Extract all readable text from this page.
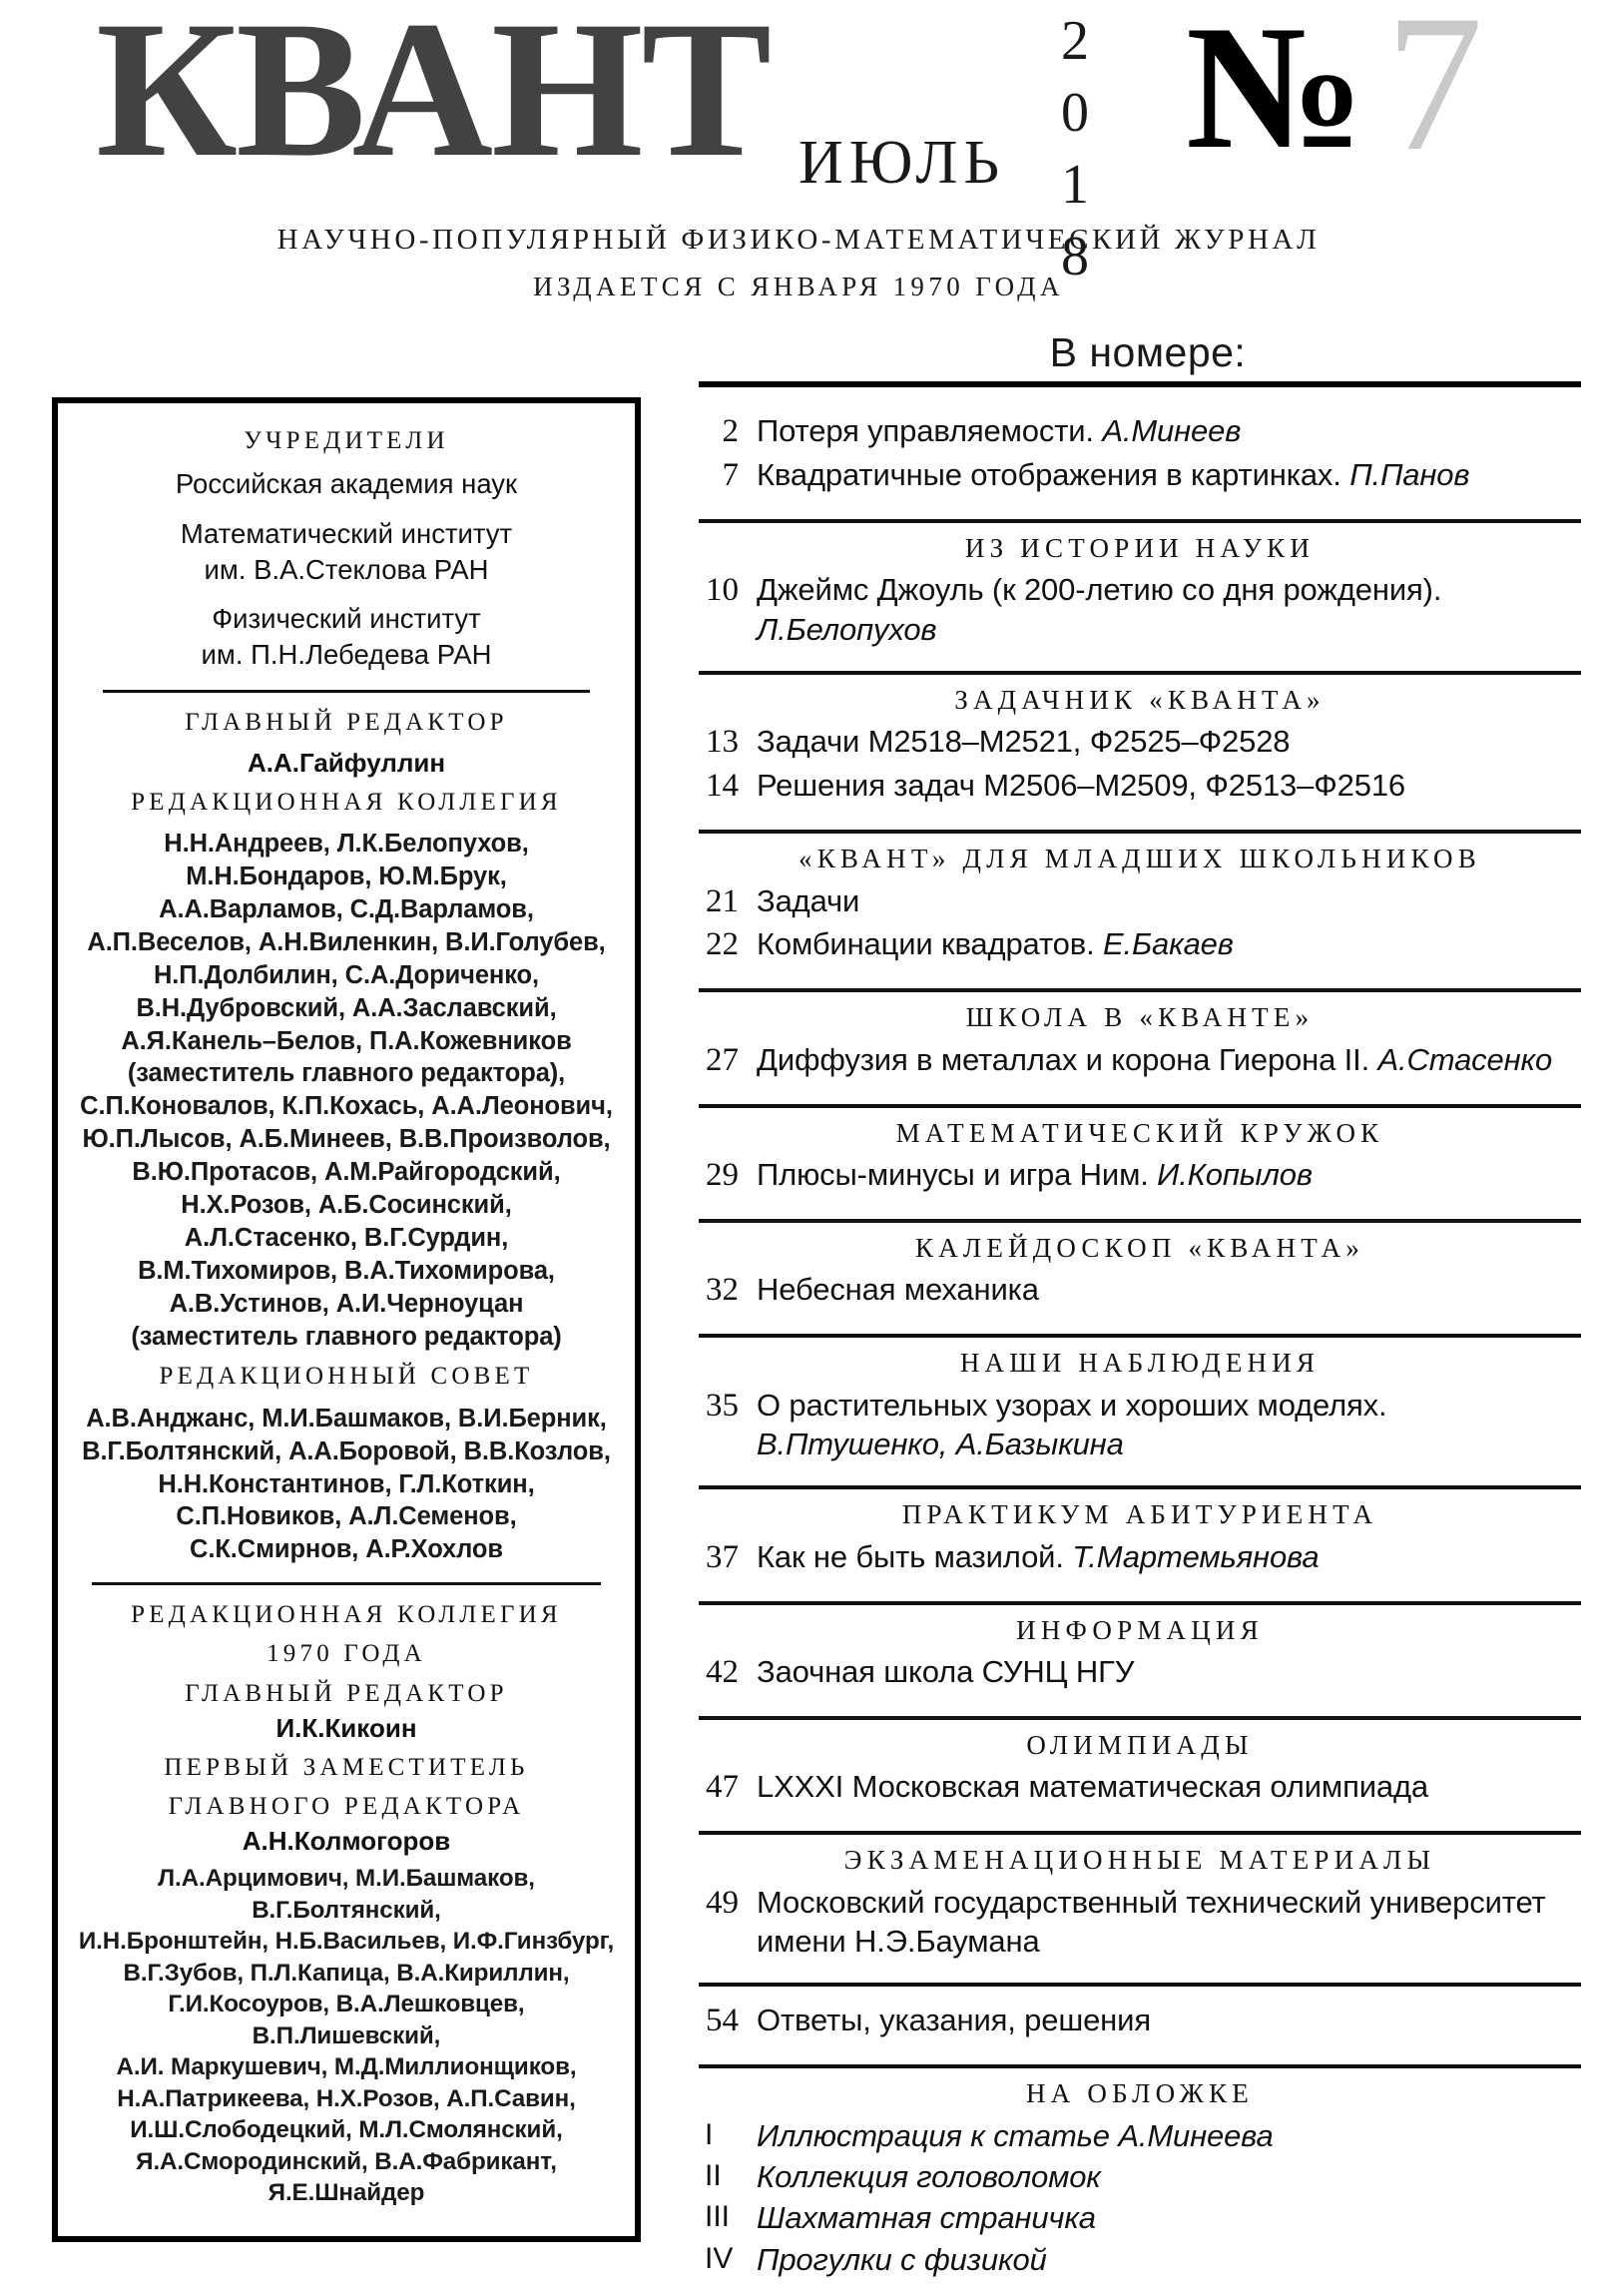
КВАНТ ИЮЛЬ 2018 № 7
НАУЧНО-ПОПУЛЯРНЫЙ ФИЗИКО-МАТЕМАТИЧЕСКИЙ ЖУРНАЛ
ИЗДАЕТСЯ С ЯНВАРЯ 1970 ГОДА
В номере:
УЧРЕДИТЕЛИ
Российская академия наук
Математический институт
им. В.А.Стеклова РАН
Физический институт
им. П.Н.Лебедева РАН
ГЛАВНЫЙ РЕДАКТОР
А.А.Гайфуллин
РЕДАКЦИОННАЯ КОЛЛЕГИЯ
Н.Н.Андреев, Л.К.Белопухов,
М.Н.Бондаров, Ю.М.Брук,
А.А.Варламов, С.Д.Варламов,
А.П.Веселов, А.Н.Виленкин, В.И.Голубев,
Н.П.Долбилин, С.А.Дориченко,
В.Н.Дубровский, А.А.Заславский,
А.Я.Канель–Белов, П.А.Кожевников
(заместитель главного редактора),
С.П.Коновалов, К.П.Кохась, А.А.Леонович,
Ю.П.Лысов, А.Б.Минеев, В.В.Произволов,
В.Ю.Протасов, А.М.Райгородский,
Н.Х.Розов, А.Б.Сосинский,
А.Л.Стасенко, В.Г.Сурдин,
В.М.Тихомиров, В.А.Тихомирова,
А.В.Устинов, А.И.Черноуцан
(заместитель главного редактора)
РЕДАКЦИОННЫЙ СОВЕТ
А.В.Анджанс, М.И.Башмаков, В.И.Берник,
В.Г.Болтянский, А.А.Боровой, В.В.Козлов,
Н.Н.Константинов, Г.Л.Коткин,
С.П.Новиков, А.Л.Семенов,
С.К.Смирнов, А.Р.Хохлов
РЕДАКЦИОННАЯ КОЛЛЕГИЯ
1970 ГОДА
ГЛАВНЫЙ РЕДАКТОР
И.К.Кикоин
ПЕРВЫЙ ЗАМЕСТИТЕЛЬ
ГЛАВНОГО РЕДАКТОРА
А.Н.Колмогоров
Л.А.Арцимович, М.И.Башмаков, В.Г.Болтянский,
И.Н.Бронштейн, Н.Б.Васильев, И.Ф.Гинзбург,
В.Г.Зубов, П.Л.Капица, В.А.Кириллин,
Г.И.Косоуров, В.А.Лешковцев, В.П.Лишевский,
А.И. Маркушевич, М.Д.Миллионщиков,
Н.А.Патрикеева, Н.Х.Розов, А.П.Савин,
И.Ш.Слободецкий, М.Л.Смолянский,
Я.А.Смородинский, В.А.Фабрикант, Я.Е.Шнайдер
2 Потеря управляемости. А.Минеев
7 Квадратичные отображения в картинках. П.Панов
ИЗ ИСТОРИИ НАУКИ
10 Джеймс Джоуль (к 200-летию со дня рождения). Л.Белопухов
ЗАДАЧНИК «КВАНТА»
13 Задачи М2518–М2521, Ф2525–Ф2528
14 Решения задач М2506–М2509, Ф2513–Ф2516
«КВАНТ» ДЛЯ МЛАДШИХ ШКОЛЬНИКОВ
21 Задачи
22 Комбинации квадратов. Е.Бакаев
ШКОЛА В «КВАНТЕ»
27 Диффузия в металлах и корона Гиерона II. А.Стасенко
МАТЕМАТИЧЕСКИЙ КРУЖОК
29 Плюсы-минусы и игра Ним. И.Копылов
КАЛЕЙДОСКОП «КВАНТА»
32 Небесная механика
НАШИ НАБЛЮДЕНИЯ
35 О растительных узорах и хороших моделях. В.Птушенко, А.Базыкина
ПРАКТИКУМ АБИТУРИЕНТА
37 Как не быть мазилой. Т.Мартемьянова
ИНФОРМАЦИЯ
42 Заочная школа СУНЦ НГУ
ОЛИМПИАДЫ
47 LXXXI Московская математическая олимпиада
ЭКЗАМЕНАЦИОННЫЕ МАТЕРИАЛЫ
49 Московский государственный технический университет имени Н.Э.Баумана
54 Ответы, указания, решения
НА ОБЛОЖКЕ
I	Иллюстрация к статье А.Минеева
II	Коллекция головоломок
III Шахматная страничка
IV Прогулки с физикой
